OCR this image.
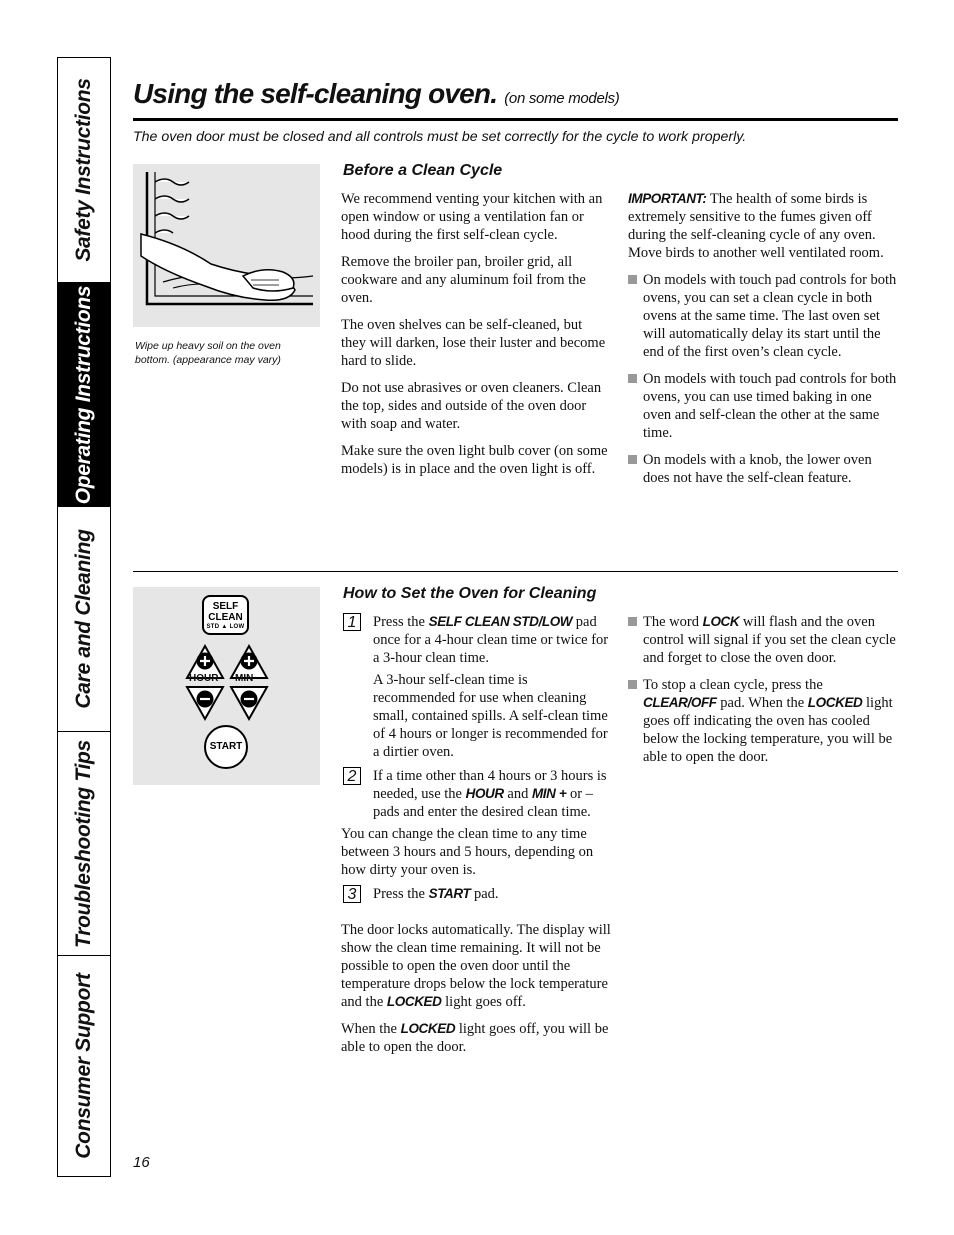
Safety Instructions
Operating Instructions
Care and Cleaning
Troubleshooting Tips
Consumer Support
Using the self-cleaning oven. (on some models)
The oven door must be closed and all controls must be set correctly for the cycle to work properly.
Wipe up heavy soil on the oven bottom. (appearance may vary)
Before a Clean Cycle

We recommend venting your kitchen with an open window or using a ventilation fan or hood during the first self-clean cycle.

Remove the broiler pan, broiler grid, all cookware and any aluminum foil from the oven.

The oven shelves can be self-cleaned, but they will darken, lose their luster and become hard to slide.

Do not use abrasives or oven cleaners. Clean the top, sides and outside of the oven door with soap and water.

Make sure the oven light bulb cover (on some models) is in place and the oven light is off.

IMPORTANT: The health of some birds is extremely sensitive to the fumes given off during the self-cleaning cycle of any oven. Move birds to another well ventilated room.

On models with touch pad controls for both ovens, you can set a clean cycle in both ovens at the same time. The last oven set will automatically delay its start until the end of the first oven’s clean cycle.
On models with touch pad controls for both ovens, you can use timed baking in one oven and self-clean the other at the same time.
On models with a knob, the lower oven does not have the self-clean feature.
SELF
CLEAN
STD ▲ LOW
HOUR MIN
START
How to Set the Oven for Cleaning
1	Press the SELF CLEAN STD/LOW pad once for a 4-hour clean time or twice for a 3-hour clean time.
A 3-hour self-clean time is recommended for use when cleaning small, contained spills. A self-clean time of 4 hours or longer is recommended for a dirtier oven.
2	If a time other than 4 hours or 3 hours is needed, use the HOUR and MIN + or – pads and enter the desired clean time.

You can change the clean time to any time between 3 hours and 5 hours, depending on how dirty your oven is.

3	Press the START pad.

The door locks automatically. The display will show the clean time remaining. It will not be possible to open the oven door until the temperature drops below the lock temperature and the LOCKED light goes off.

When the LOCKED light goes off, you will be able to open the door.

The word LOCK will flash and the oven control will signal if you set the clean cycle and forget to close the oven door.
To stop a clean cycle, press the CLEAR/OFF pad. When the LOCKED light goes off indicating the oven has cooled below the locking temperature, you will be able to open the door.
16
